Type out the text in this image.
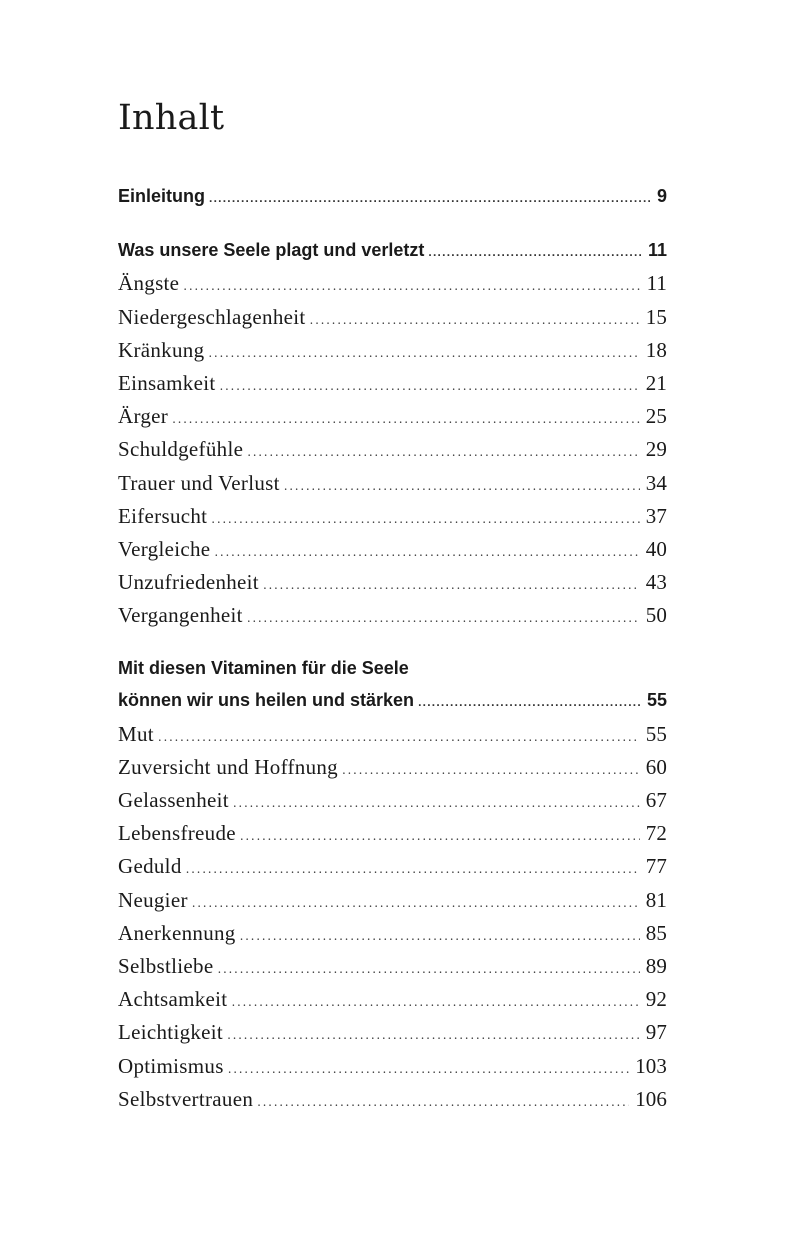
Inhalt
Einleitung . . .	9
Was unsere Seele plagt und verletzt . . .	11
Ängste . . .	11
Niedergeschlagenheit . . .	15
Kränkung . . .	18
Einsamkeit . . .	21
Ärger . . .	25
Schuldgefühle . . .	29
Trauer und Verlust . . .	34
Eifersucht . . .	37
Vergleiche . . .	40
Unzufriedenheit . . .	43
Vergangenheit . . .	50
Mit diesen Vitaminen für die Seele
können wir uns heilen und stärken . . .	55
Mut . . .	55
Zuversicht und Hoffnung . . .	60
Gelassenheit . . .	67
Lebensfreude . . .	72
Geduld . . .	77
Neugier . . .	81
Anerkennung . . .	85
Selbstliebe . . .	89
Achtsamkeit . . .	92
Leichtigkeit . . .	97
Optimismus . . .	103
Selbstvertrauen . . .	106
